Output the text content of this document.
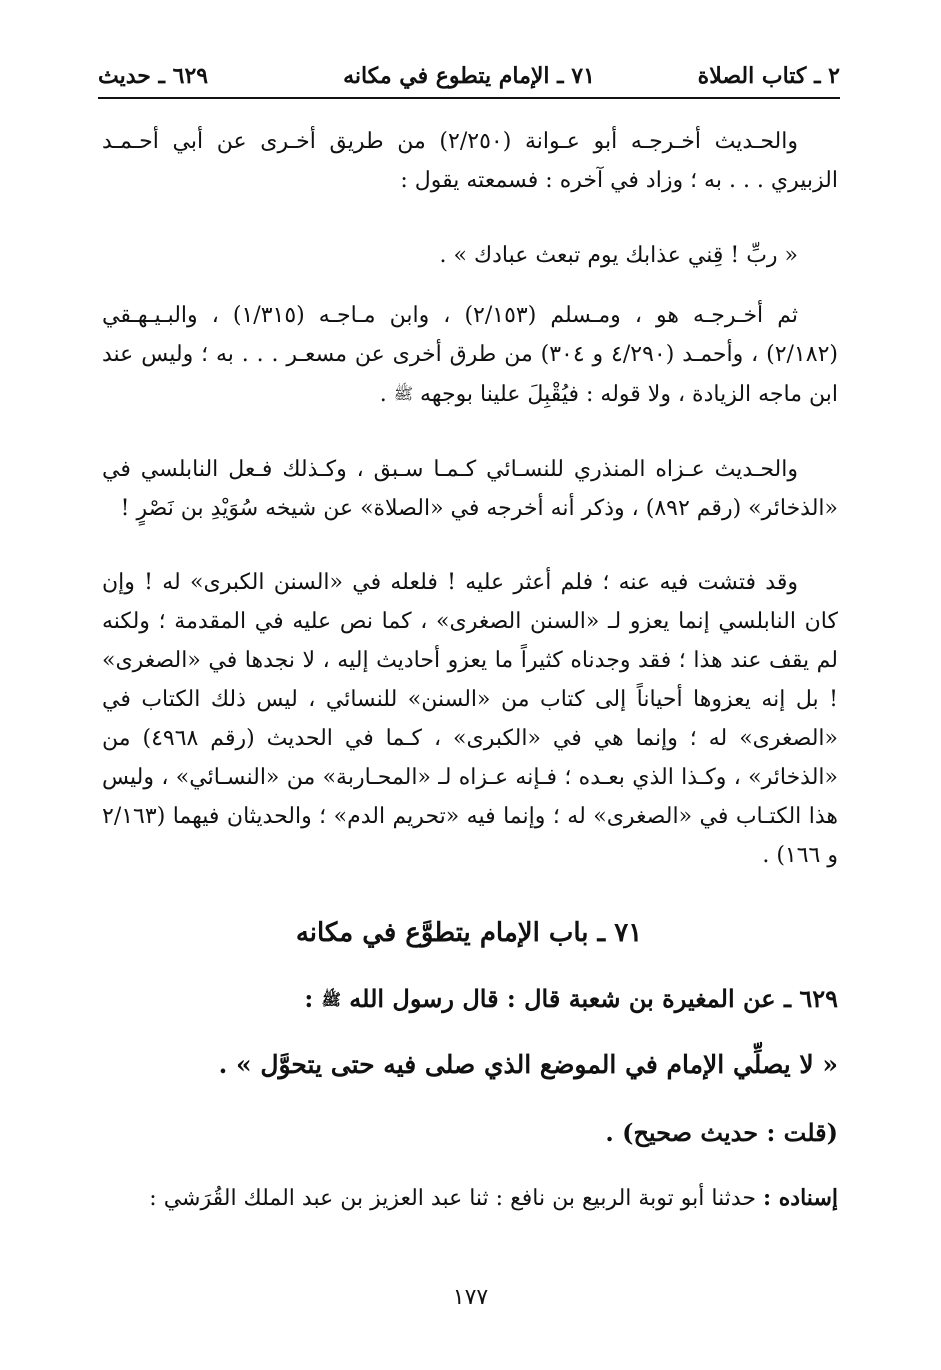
٢ ـ كتاب الصلاة
٧١ ـ الإمام يتطوع في مكانه
٦٢٩ ـ حديث
والحـديث أخـرجـه أبو عـوانة (٢/٢٥٠) من طريق أخـرى عن أبي أحـمـد الزبيري . . . به ؛ وزاد في آخره : فسمعته يقول :
« ربِّ ! قِني عذابك يوم تبعث عبادك » .
ثم أخـرجـه هو ، ومـسلم (٢/١٥٣) ، وابن مـاجـه (١/٣١٥) ، والبـيـهـقي (٢/١٨٢) ، وأحمـد (٤/٢٩٠ و ٣٠٤) من طرق أخرى عن مسعـر . . . به ؛ وليس عند ابن ماجه الزيادة ، ولا قوله : فيُقْبِلَ علينا بوجهه ﷺ .
والحـديث عـزاه المنذري للنسـائي كـمـا سـبق ، وكـذلك فـعل النابلسي في «الذخائر» (رقم ٨٩٢) ، وذكر أنه أخرجه في «الصلاة» عن شيخه سُوَيْدِ بن نَصْرٍ !
وقد فتشت فيه عنه ؛ فلم أعثر عليه ! فلعله في «السنن الكبرى» له ! وإن كان النابلسي إنما يعزو لـ «السنن الصغرى» ، كما نص عليه في المقدمة ؛ ولكنه لم يقف عند هذا ؛ فقد وجدناه كثيراً ما يعزو أحاديث إليه ، لا نجدها في «الصغرى» ! بل إنه يعزوها أحياناً إلى كتاب من «السنن» للنسائي ، ليس ذلك الكتاب في «الصغرى» له ؛ وإنما هي في «الكبرى» ، كـما في الحديث (رقم ٤٩٦٨) من «الذخائر» ، وكـذا الذي بعـده ؛ فـإنه عـزاه لـ «المحـاربة» من «النسـائي» ، وليس هذا الكتـاب في «الصغرى» له ؛ وإنما فيه «تحريم الدم» ؛ والحديثان فيهما (٢/١٦٣ و ١٦٦) .
٧١ ـ باب الإمام يتطوَّع في مكانه
٦٢٩ ـ عن المغيرة بن شعبة قال : قال رسول الله ﷺ :
« لا يصلِّي الإمام في الموضع الذي صلى فيه حتى يتحوَّل » .
(قلت : حديث صحيح) .
إسناده : حدثنا أبو توبة الربيع بن نافع : ثنا عبد العزيز بن عبد الملك القُرَشي :
١٧٧
